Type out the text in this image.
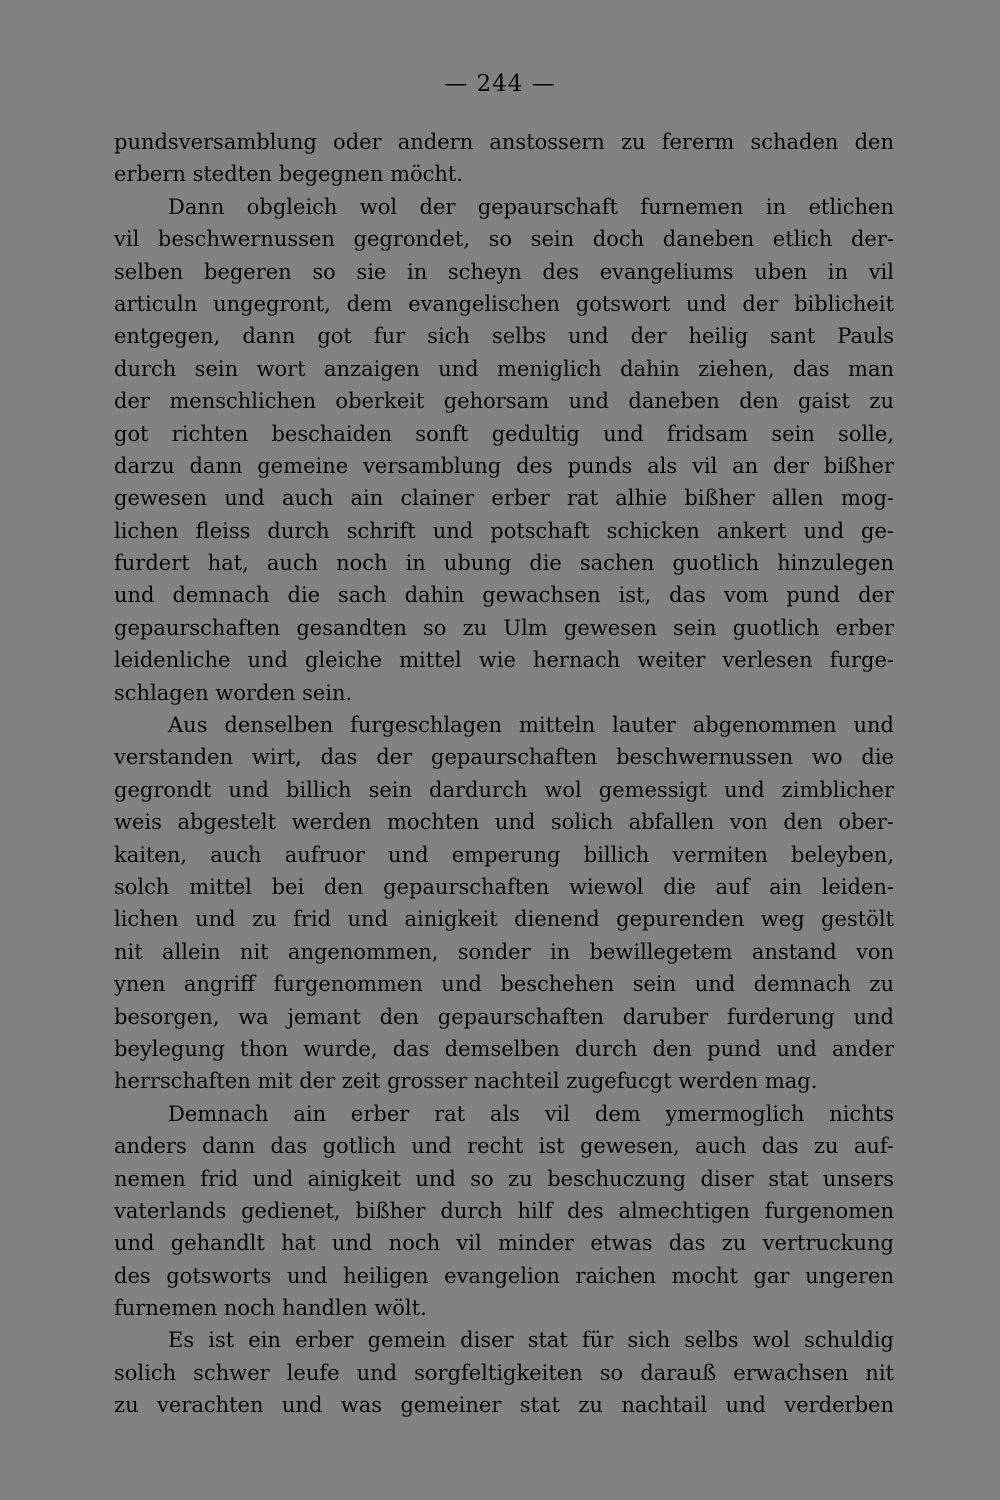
— 244 —
pundsversamblung oder andern anstossern zu fererm schaden den
erbern stedten begegnen möcht.
Dann obgleich wol der gepaurschaft furnemen in etlichen
vil beschwernussen gegrondet, so sein doch daneben etlich der-
selben begeren so sie in scheyn des evangeliums uben in vil
articuln ungegront, dem evangelischen gotswort und der biblicheit
entgegen, dann got fur sich selbs und der heilig sant Pauls
durch sein wort anzaigen und meniglich dahin ziehen, das man
der menschlichen oberkeit gehorsam und daneben den gaist zu
got richten beschaiden sonft gedultig und fridsam sein solle,
darzu dann gemeine versamblung des punds als vil an der bißher
gewesen und auch ain clainer erber rat alhie bißher allen mog-
lichen fleiss durch schrift und potschaft schicken ankert und ge-
furdert hat, auch noch in ubung die sachen guotlich hinzulegen
und demnach die sach dahin gewachsen ist, das vom pund der
gepaurschaften gesandten so zu Ulm gewesen sein guotlich erber
leidenliche und gleiche mittel wie hernach weiter verlesen furge-
schlagen worden sein.
Aus denselben furgeschlagen mitteln lauter abgenommen und
verstanden wirt, das der gepaurschaften beschwernussen wo die
gegrondt und billich sein dardurch wol gemessigt und zimblicher
weis abgestelt werden mochten und solich abfallen von den ober-
kaiten, auch aufruor und emperung billich vermiten beleyben,
solch mittel bei den gepaurschaften wiewol die auf ain leiden-
lichen und zu frid und ainigkeit dienend gepurenden weg gestölt
nit allein nit angenommen, sonder in bewillegetem anstand von
ynen angriff furgenommen und beschehen sein und demnach zu
besorgen, wa jemant den gepaurschaften daruber furderung und
beylegung thon wurde, das demselben durch den pund und ander
herrschaften mit der zeit grosser nachteil zugefucgt werden mag.
Demnach ain erber rat als vil dem ymermoglich nichts
anders dann das gotlich und recht ist gewesen, auch das zu auf-
nemen frid und ainigkeit und so zu beschuczung diser stat unsers
vaterlands gedienet, bißher durch hilf des almechtigen furgenomen
und gehandlt hat und noch vil minder etwas das zu vertruckung
des gotsworts und heiligen evangelion raichen mocht gar ungeren
furnemen noch handlen wölt.
Es ist ein erber gemein diser stat für sich selbs wol schuldig
solich schwer leufe und sorgfeltigkeiten so darauß erwachsen nit
zu verachten und was gemeiner stat zu nachtail und verderben
